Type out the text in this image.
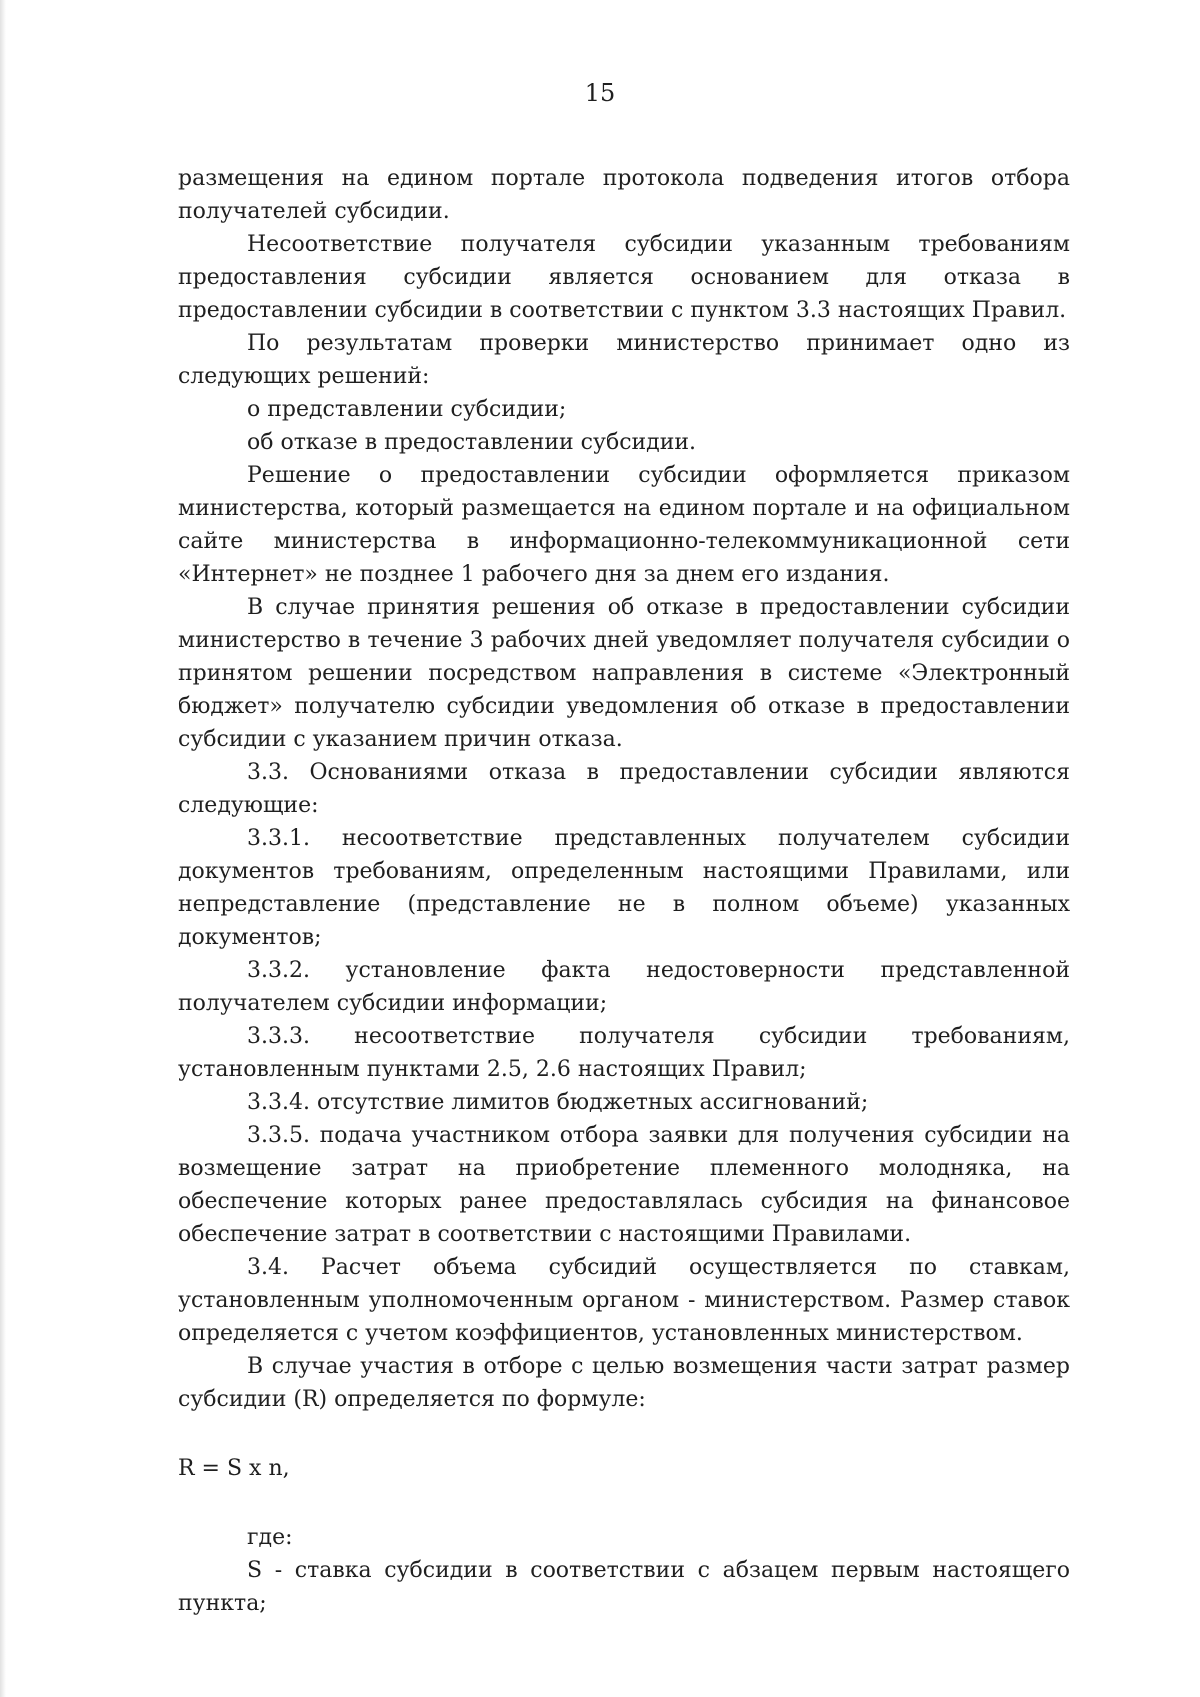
15

размещения на едином портале протокола подведения итогов отбора получателей субсидии.

Несоответствие получателя субсидии указанным требованиям предоставления субсидии является основанием для отказа в предоставлении субсидии в соответствии с пунктом 3.3 настоящих Правил.

По результатам проверки министерство принимает одно из следующих решений:

о представлении субсидии;

об отказе в предоставлении субсидии.

Решение о предоставлении субсидии оформляется приказом министерства, который размещается на едином портале и на официальном сайте министерства в информационно-телекоммуникационной сети «Интернет» не позднее 1 рабочего дня за днем его издания.

В случае принятия решения об отказе в предоставлении субсидии министерство в течение 3 рабочих дней уведомляет получателя субсидии о принятом решении посредством направления в системе «Электронный бюджет» получателю субсидии уведомления об отказе в предоставлении субсидии с указанием причин отказа.

3.3. Основаниями отказа в предоставлении субсидии являются следующие:

3.3.1. несоответствие представленных получателем субсидии документов требованиям, определенным настоящими Правилами, или непредставление (представление не в полном объеме) указанных документов;

3.3.2. установление факта недостоверности представленной получателем субсидии информации;

3.3.3. несоответствие получателя субсидии требованиям, установленным пунктами 2.5, 2.6 настоящих Правил;

3.3.4. отсутствие лимитов бюджетных ассигнований;

3.3.5. подача участником отбора заявки для получения субсидии на возмещение затрат на приобретение племенного молодняка, на обеспечение которых ранее предоставлялась субсидия на финансовое обеспечение затрат в соответствии с настоящими Правилами.

3.4. Расчет объема субсидий осуществляется по ставкам, установленным уполномоченным органом - министерством. Размер ставок определяется с учетом коэффициентов, установленных министерством.

В случае участия в отборе с целью возмещения части затрат размер субсидии (R) определяется по формуле:

R = S x n,

где:

S - ставка субсидии в соответствии с абзацем первым настоящего пункта;
